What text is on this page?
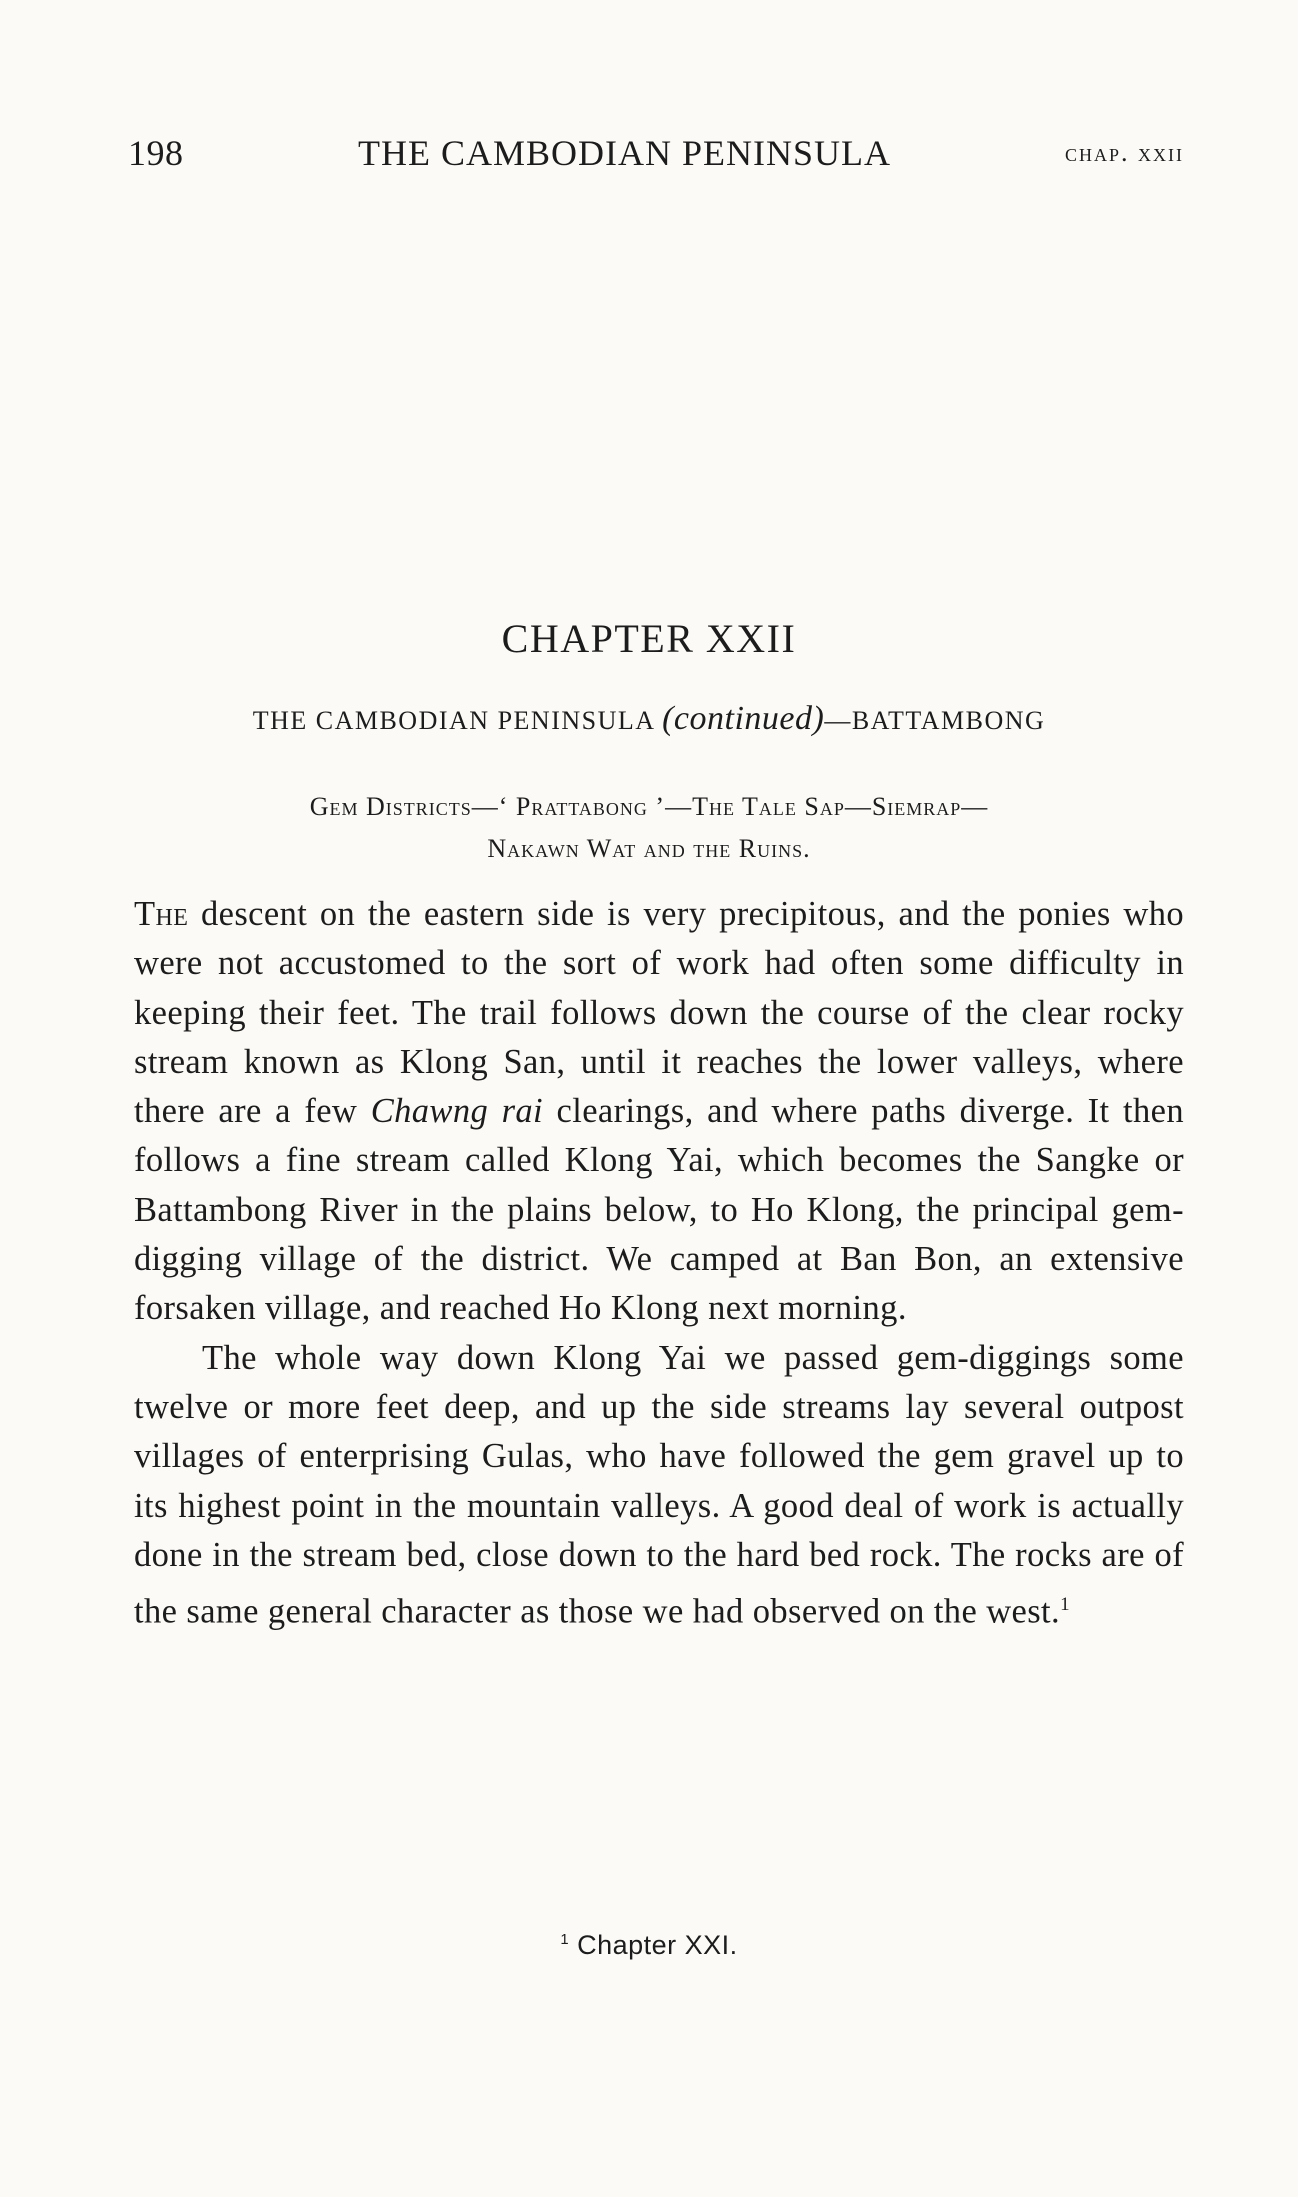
198	THE CAMBODIAN PENINSULA	chap. xxii
CHAPTER XXII
THE CAMBODIAN PENINSULA (continued)—BATTAMBONG
Gem Districts—‘ Prattabong ’—The Tale Sap—Siemrap—
Nakawn Wat and the Ruins.

The descent on the eastern side is very precipitous, and the ponies who were not accustomed to the sort of work had often some difficulty in keeping their feet. The trail follows down the course of the clear rocky stream known as Klong San, until it reaches the lower valleys, where there are a few Chawng rai clearings, and where paths diverge. It then follows a fine stream called Klong Yai, which becomes the Sangke or Battambong River in the plains below, to Ho Klong, the principal gem-digging village of the district. We camped at Ban Bon, an extensive forsaken village, and reached Ho Klong next morning.

The whole way down Klong Yai we passed gem-diggings some twelve or more feet deep, and up the side streams lay several outpost villages of enterprising Gulas, who have followed the gem gravel up to its highest point in the mountain valleys. A good deal of work is actually done in the stream bed, close down to the hard bed rock. The rocks are of the same general character as those we had observed on the west.$^1$

$^1$ Chapter XXI.
